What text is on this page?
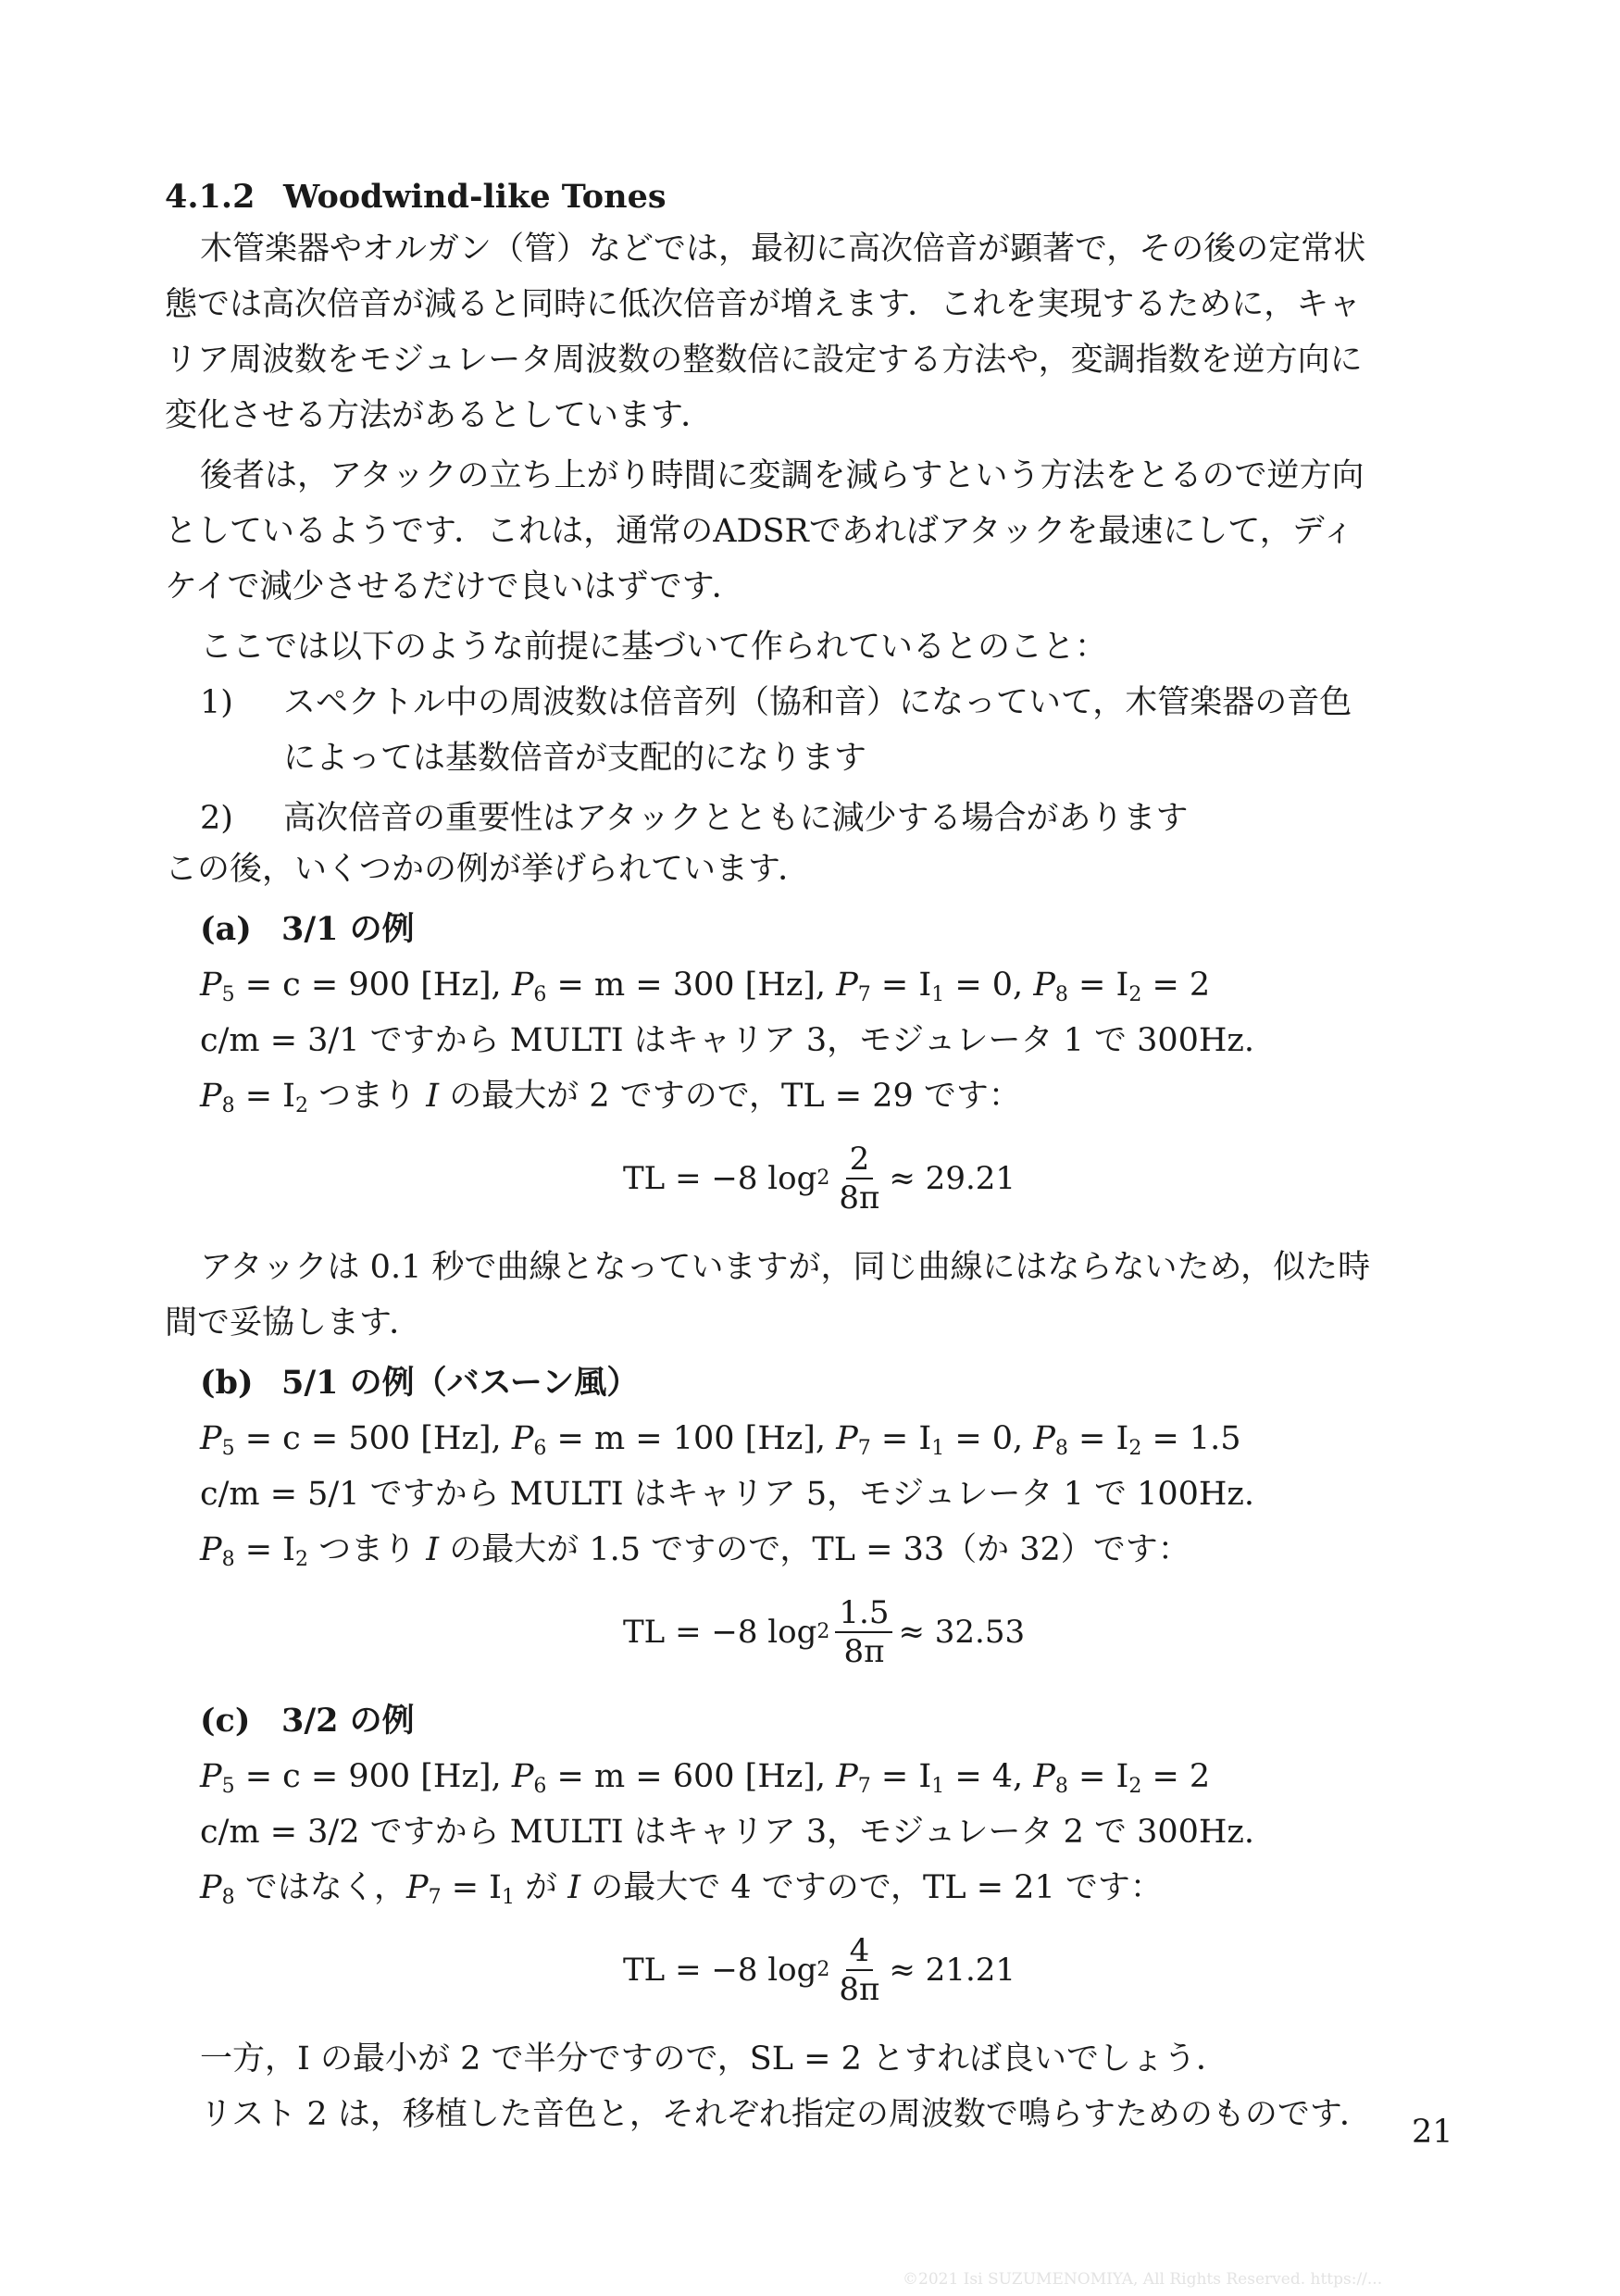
4.1.2 Woodwind-like Tones
木管楽器やオルガン（管）などでは，最初に高次倍音が顕著で，その後の定常状
態では高次倍音が減ると同時に低次倍音が増えます．これを実現するために，キャ
リア周波数をモジュレータ周波数の整数倍に設定する方法や，変調指数を逆方向に
変化させる方法があるとしています．
後者は，アタックの立ち上がり時間に変調を減らすという方法をとるので逆方向
としているようです．これは，通常のADSRであればアタックを最速にして，ディ
ケイで減少させるだけで良いはずです．
ここでは以下のような前提に基づいて作られているとのこと：
1) スペクトル中の周波数は倍音列（協和音）になっていて，木管楽器の音色
によっては基数倍音が支配的になります
2) 高次倍音の重要性はアタックとともに減少する場合があります
この後，いくつかの例が挙げられています．
(a) 3/1 の例
$P_5 = c = 900$ [Hz], $P_6 = m = 300$ [Hz], $P_7 = I_1 = 0$, $P_8 = I_2 = 2$
c/m = 3/1 ですから MULTI はキャリア 3，モジュレータ 1 で 300Hz.
$P_8 = I_2$ つまり I の最大が 2 ですので，TL = 29 です：
TL = −8 $\log 2 \frac{2}{8\pi} \approx 29.21$
アタックは 0.1 秒で曲線となっていますが，同じ曲線にはならないため，似た時
間で妥協します．
(b) 5/1 の例（バスーン風）
$P_5 = c = 500$ [Hz], $P_6 = m = 100$ [Hz], $P_7 = I_1 = 0$, $P_8 = I_2 = 1.5$
c/m = 5/1 ですから MULTI はキャリア 5，モジュレータ 1 で 100Hz.
$P_8 = I_2$ つまり I の最大が 1.5 ですので，TL = 33（か 32）です：
TL = −8 $\log 2 \frac{1.5}{8\pi} \approx 32.53$
(c) 3/2 の例
$P_5 = c = 900$ [Hz], $P_6 = m = 600$ [Hz], $P_7 = I_1 = 4$, $P_8 = I_2 = 2$
c/m = 3/2 ですから MULTI はキャリア 3，モジュレータ 2 で 300Hz.
$P_8$ ではなく，$P_7 = I_1$ が I の最大で 4 ですので，TL = 21 です：
TL = −8 $\log 2 \frac{4}{8\pi} \approx 21.21$
一方，I の最小が 2 で半分ですので，SL = 2 とすれば良いでしょう．
リスト 2 は，移植した音色と，それぞれ指定の周波数で鳴らすためのものです． 21
©2021 Isi SUZUMENOMIYA, All Rights Reserved. https://...
